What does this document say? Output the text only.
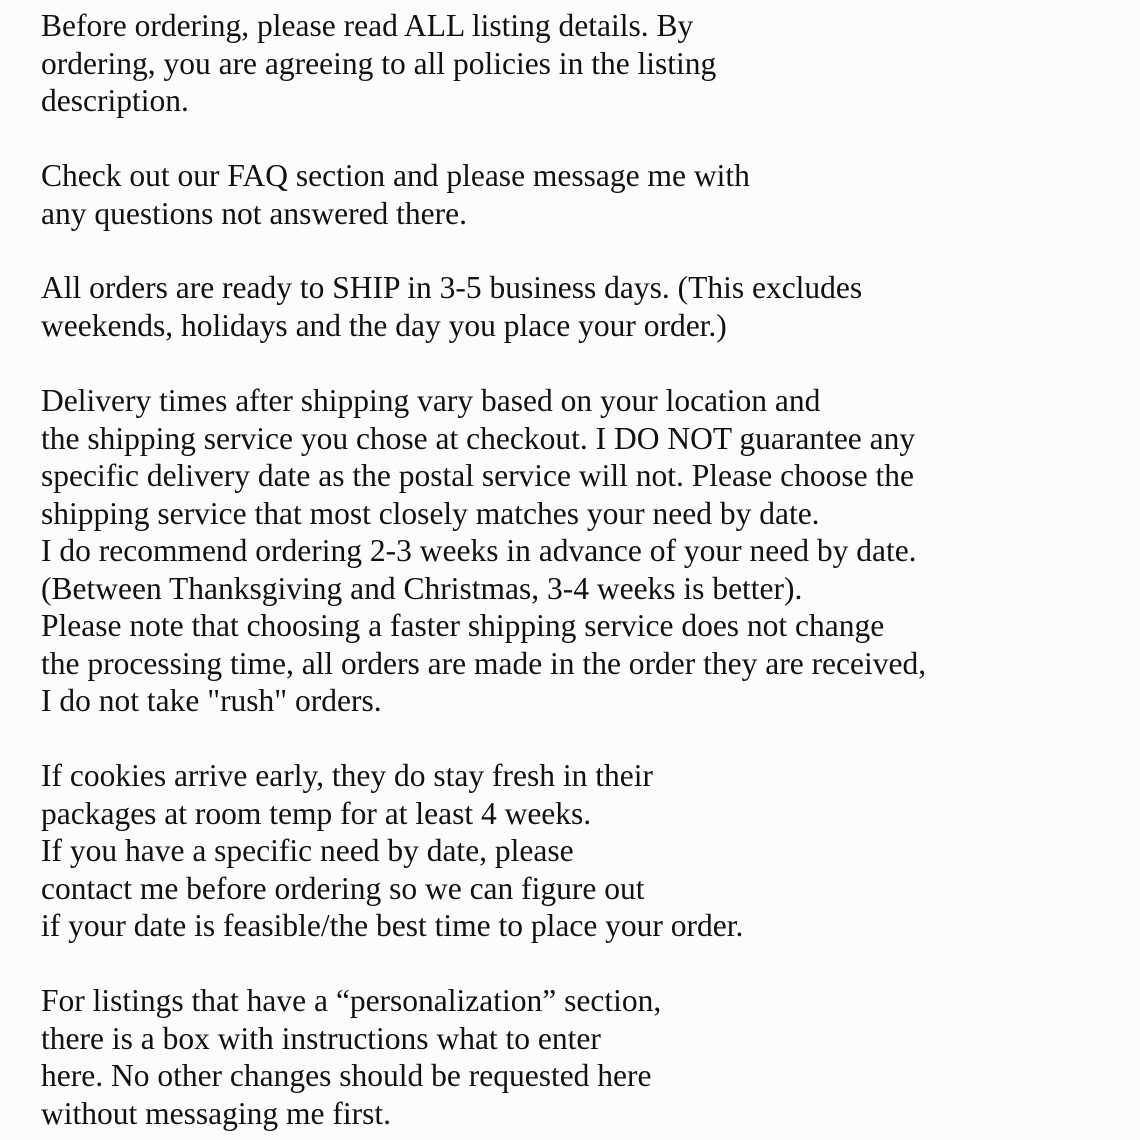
Before ordering, please read ALL listing details. By
ordering, you are agreeing to all policies in the listing
description.
Check out our FAQ section and please message me with
any questions not answered there.
All orders are ready to SHIP in 3-5 business days. (This excludes
weekends, holidays and the day you place your order.)
Delivery times after shipping vary based on your location and
the shipping service you chose at checkout. I DO NOT guarantee any
specific delivery date as the postal service will not. Please choose the
shipping service that most closely matches your need by date.
I do recommend ordering 2-3 weeks in advance of your need by date.
(Between Thanksgiving and Christmas, 3-4 weeks is better).
Please note that choosing a faster shipping service does not change
the processing time, all orders are made in the order they are received,
I do not take "rush" orders.
If cookies arrive early, they do stay fresh in their
packages at room temp for at least 4 weeks.
If you have a specific need by date, please
contact me before ordering so we can figure out
if your date is feasible/the best time to place your order.
For listings that have a “personalization” section,
there is a box with instructions what to enter
here. No other changes should be requested here
without messaging me first.
